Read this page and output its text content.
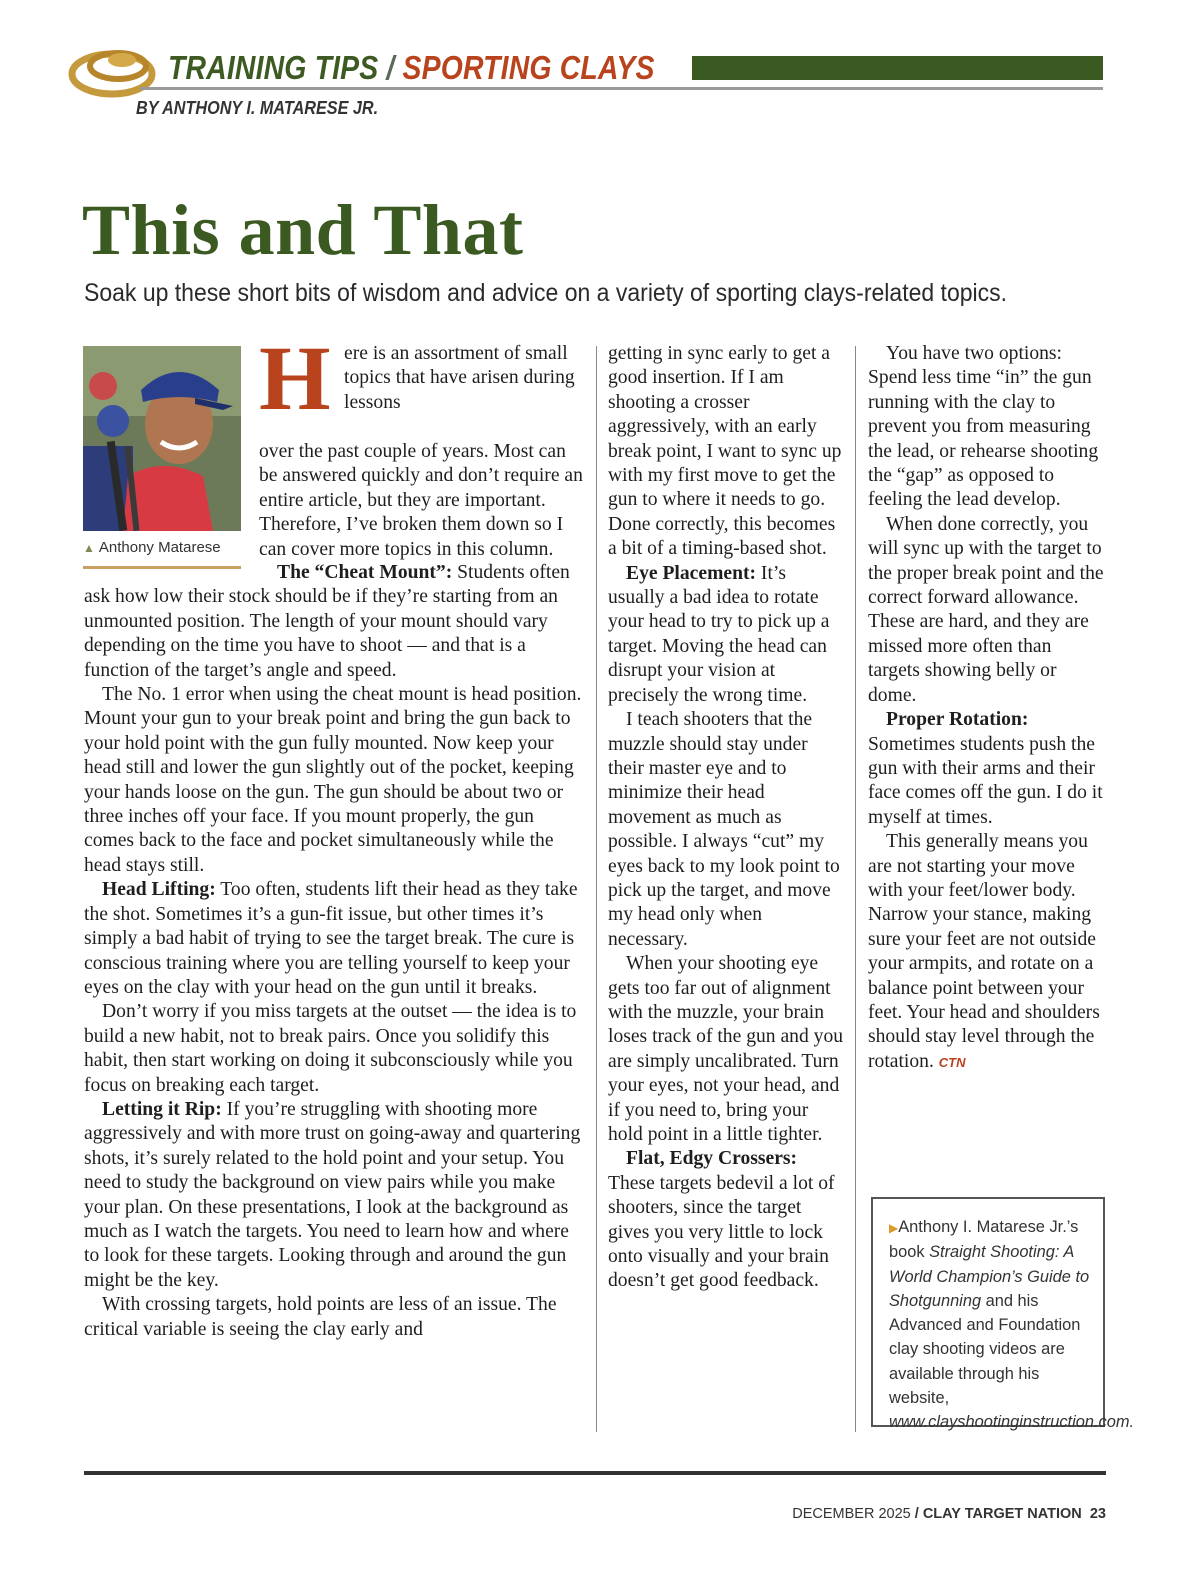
TRAINING TIPS / SPORTING CLAYS
BY ANTHONY I. MATARESE JR.
This and That
Soak up these short bits of wisdom and advice on a variety of sporting clays-related topics.
▲ Anthony Matarese
H ere is an assortment of small topics that have arisen during lessons
over the past couple of years. Most can be answered quickly and don’t require an entire article, but they are important. Therefore, I’ve broken them down so I can cover more topics in this column.

The “Cheat Mount”: Students often ask how low their stock should be if they’re starting from an unmounted position. The length of your mount should vary depending on the time you have to shoot — and that is a function of the target’s angle and speed.

The No. 1 error when using the cheat mount is head position. Mount your gun to your break point and bring the gun back to your hold point with the gun fully mounted. Now keep your head still and lower the gun slightly out of the pocket, keeping your hands loose on the gun. The gun should be about two or three inches off your face. If you mount properly, the gun comes back to the face and pocket simultaneously while the head stays still.

Head Lifting: Too often, students lift their head as they take the shot. Sometimes it’s a gun-fit issue, but other times it’s simply a bad habit of trying to see the target break. The cure is conscious training where you are telling yourself to keep your eyes on the clay with your head on the gun until it breaks.

Don’t worry if you miss targets at the outset — the idea is to build a new habit, not to break pairs. Once you solidify this habit, then start working on doing it subconsciously while you focus on breaking each target.

Letting it Rip: If you’re struggling with shooting more aggressively and with more trust on going-away and quartering shots, it’s surely related to the hold point and your setup. You need to study the background on view pairs while you make your plan. On these presentations, I look at the background as much as I watch the targets. You need to learn how and where to look for these targets. Looking through and around the gun might be the key.

With crossing targets, hold points are less of an issue. The critical variable is seeing the clay early and

getting in sync early to get a good insertion. If I am shooting a crosser aggressively, with an early break point, I want to sync up with my first move to get the gun to where it needs to go. Done correctly, this becomes a bit of a timing-based shot.

Eye Placement: It’s usually a bad idea to rotate your head to try to pick up a target. Moving the head can disrupt your vision at precisely the wrong time.

I teach shooters that the muzzle should stay under their master eye and to minimize their head movement as much as possible. I always “cut” my eyes back to my look point to pick up the target, and move my head only when necessary.

When your shooting eye gets too far out of alignment with the muzzle, your brain loses track of the gun and you are simply uncalibrated. Turn your eyes, not your head, and if you need to, bring your hold point in a little tighter.

Flat, Edgy Crossers: These targets bedevil a lot of shooters, since the target gives you very little to lock onto visually and your brain doesn’t get good feedback.

You have two options: Spend less time “in” the gun running with the clay to prevent you from measuring the lead, or rehearse shooting the “gap” as opposed to feeling the lead develop.

When done correctly, you will sync up with the target to the proper break point and the correct forward allowance. These are hard, and they are missed more often than targets showing belly or dome.

Proper Rotation: Sometimes students push the gun with their arms and their face comes off the gun. I do it myself at times.

This generally means you are not starting your move with your feet/lower body. Narrow your stance, making sure your feet are not outside your armpits, and rotate on a balance point between your feet. Your head and shoulders should stay level through the rotation. CTN

▶Anthony I. Matarese Jr.’s book Straight Shooting: A World Champion’s Guide to Shotgunning and his Advanced and Foundation clay shooting videos are available through his website, www.clayshootinginstruction.com.
DECEMBER 2025 / CLAY TARGET NATION 23
